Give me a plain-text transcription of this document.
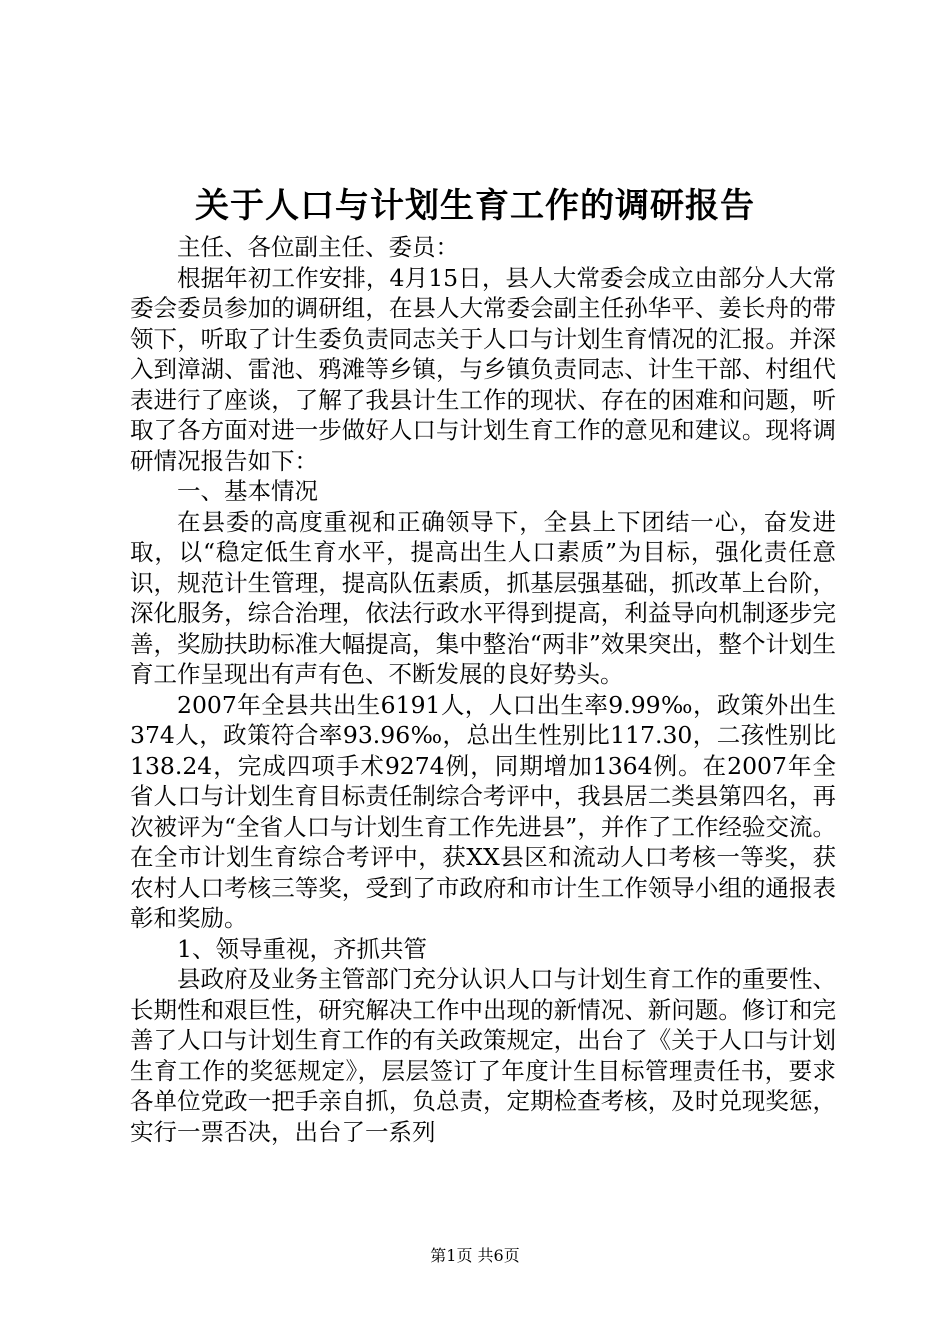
关于人口与计划生育工作的调研报告

主任、各位副主任、委员：

根据年初工作安排，4月15日，县人大常委会成立由部分人大常委会委员参加的调研组，在县人大常委会副主任孙华平、姜长舟的带领下，听取了计生委负责同志关于人口与计划生育情况的汇报。并深入到漳湖、雷池、鸦滩等乡镇，与乡镇负责同志、计生干部、村组代表进行了座谈，了解了我县计生工作的现状、存在的困难和问题，听取了各方面对进一步做好人口与计划生育工作的意见和建议。现将调研情况报告如下：

一、基本情况

在县委的高度重视和正确领导下，全县上下团结一心，奋发进取，以“稳定低生育水平，提高出生人口素质”为目标，强化责任意识，规范计生管理，提高队伍素质，抓基层强基础，抓改革上台阶，深化服务，综合治理，依法行政水平得到提高，利益导向机制逐步完善，奖励扶助标准大幅提高，集中整治“两非”效果突出，整个计划生育工作呈现出有声有色、不断发展的良好势头。

2007年全县共出生6191人，人口出生率9.99‰，政策外出生374人，政策符合率93.96‰，总出生性别比117.30，二孩性别比138.24，完成四项手术9274例，同期增加1364例。在2007年全省人口与计划生育目标责任制综合考评中，我县居二类县第四名，再次被评为“全省人口与计划生育工作先进县”，并作了工作经验交流。在全市计划生育综合考评中，获XX县区和流动人口考核一等奖，获农村人口考核三等奖，受到了市政府和市计生工作领导小组的通报表彰和奖励。

1、领导重视，齐抓共管

县政府及业务主管部门充分认识人口与计划生育工作的重要性、长期性和艰巨性，研究解决工作中出现的新情况、新问题。修订和完善了人口与计划生育工作的有关政策规定，出台了《关于人口与计划生育工作的奖惩规定》，层层签订了年度计生目标管理责任书，要求各单位党政一把手亲自抓，负总责，定期检查考核，及时兑现奖惩，实行一票否决，出台了一系列

第1页 共6页
